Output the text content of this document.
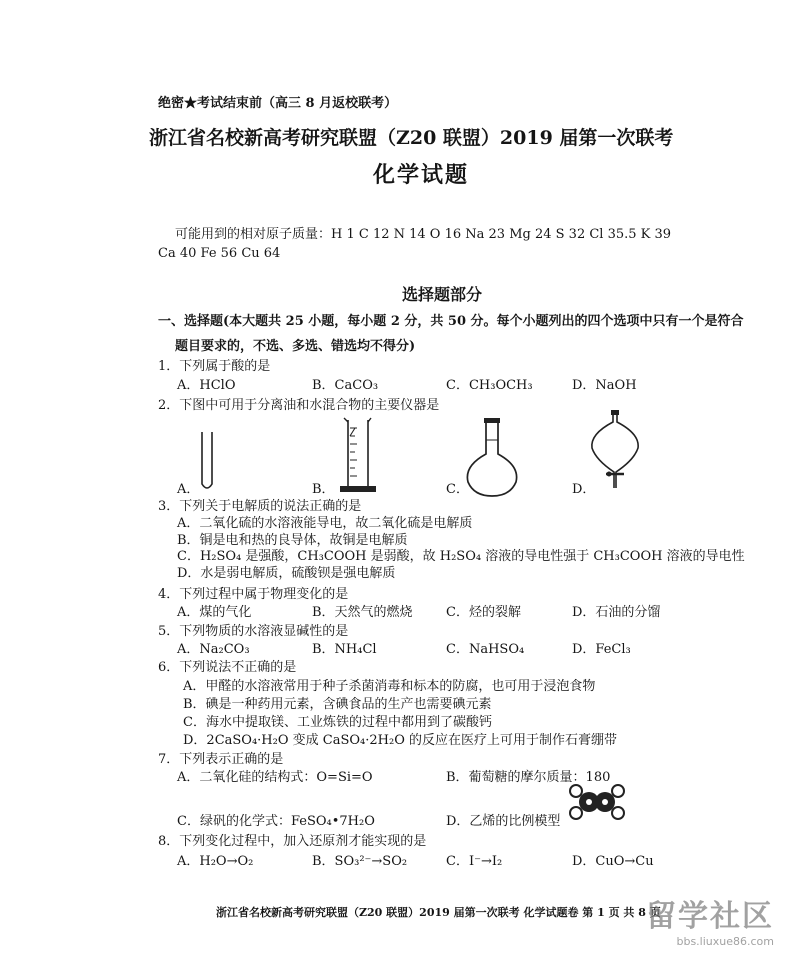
绝密★考试结束前（高三 8 月返校联考）
浙江省名校新高考研究联盟（Z20 联盟）2019 届第一次联考
化学试题
可能用到的相对原子质量：H 1 C 12 N 14 O 16 Na 23 Mg 24 S 32 Cl 35.5 K 39
Ca 40 Fe 56 Cu 64
选择题部分
一、选择题(本大题共 25 小题，每小题 2 分，共 50 分。每个小题列出的四个选项中只有一个是符合
题目要求的，不选、多选、错选均不得分)
1．下列属于酸的是
A．HClO	B．CaCO₃	C．CH₃OCH₃	D．NaOH
2．下图中可用于分离油和水混合物的主要仪器是
A．	B．	C．	D．
3．下列关于电解质的说法正确的是
A．二氧化硫的水溶液能导电，故二氧化硫是电解质
B．铜是电和热的良导体，故铜是电解质
C．H₂SO₄ 是强酸，CH₃COOH 是弱酸，故 H₂SO₄ 溶液的导电性强于 CH₃COOH 溶液的导电性
D．水是弱电解质，硫酸钡是强电解质
4．下列过程中属于物理变化的是
A．煤的气化	B．天然气的燃烧	C．烃的裂解	D．石油的分馏
5．下列物质的水溶液显碱性的是
A．Na₂CO₃	B．NH₄Cl	C．NaHSO₄	D．FeCl₃
6．下列说法不正确的是
A．甲醛的水溶液常用于种子杀菌消毒和标本的防腐，也可用于浸泡食物
B．碘是一种药用元素，含碘食品的生产也需要碘元素
C．海水中提取镁、工业炼铁的过程中都用到了碳酸钙
D．2CaSO₄·H₂O 变成 CaSO₄·2H₂O 的反应在医疗上可用于制作石膏绷带
7．下列表示正确的是
A．二氧化硅的结构式：O=Si=O	B．葡萄糖的摩尔质量：180
C．绿矾的化学式：FeSO₄•7H₂O	D．乙烯的比例模型
8．下列变化过程中，加入还原剂才能实现的是
A．H₂O→O₂	B．SO₃²⁻→SO₂	C．I⁻→I₂	D．CuO→Cu
浙江省名校新高考研究联盟（Z20 联盟）2019 届第一次联考 化学试题卷 第 1 页 共 8 页
留学社区
bbs.liuxue86.com
